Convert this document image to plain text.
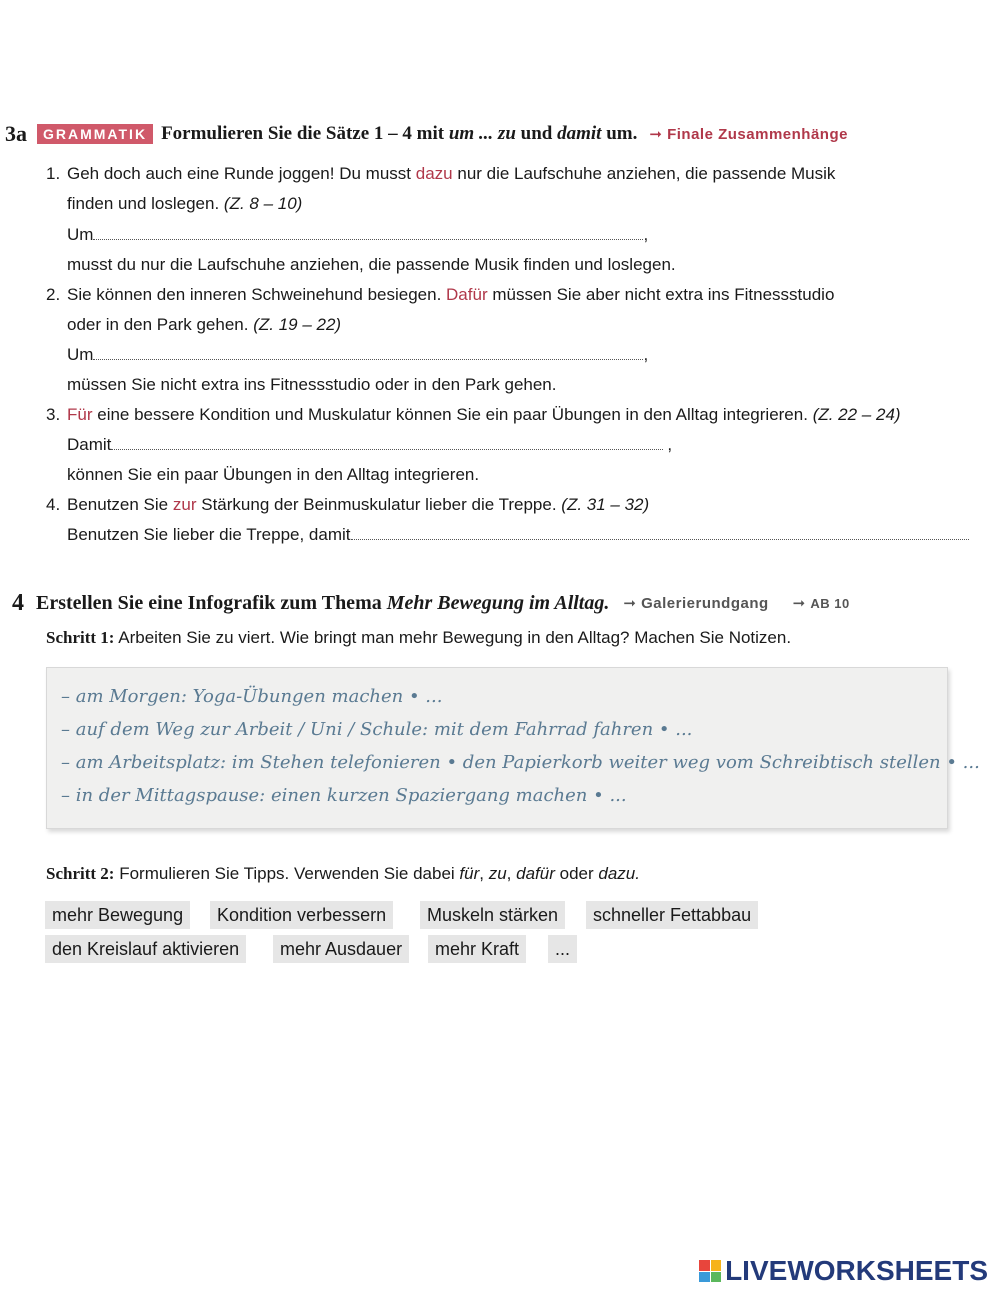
3a	GRAMMATIK Formulieren Sie die Sätze 1 – 4 mit um ... zu und damit um. ➞ Finale Zusammenhänge
1. Geh doch auch eine Runde joggen! Du musst dazu nur die Laufschuhe anziehen, die passende Musik
finden und loslegen. (Z. 8 – 10)
Um	,
musst du nur die Laufschuhe anziehen, die passende Musik finden und loslegen.
2. Sie können den inneren Schweinehund besiegen. Dafür müssen Sie aber nicht extra ins Fitnessstudio
oder in den Park gehen. (Z. 19 – 22)
Um	,
müssen Sie nicht extra ins Fitnessstudio oder in den Park gehen.
3. Für eine bessere Kondition und Muskulatur können Sie ein paar Übungen in den Alltag integrieren. (Z. 22 – 24)
Damit	,
können Sie ein paar Übungen in den Alltag integrieren.
4. Benutzen Sie zur Stärkung der Beinmuskulatur lieber die Treppe. (Z. 31 – 32)
Benutzen Sie lieber die Treppe, damit
4 Erstellen Sie eine Infografik zum Thema Mehr Bewegung im Alltag. ➞ Galerierundgang ➞ AB 10
Schritt 1: Arbeiten Sie zu viert. Wie bringt man mehr Bewegung in den Alltag? Machen Sie Notizen.
– am Morgen: Yoga-Übungen machen • ...
– auf dem Weg zur Arbeit / Uni / Schule: mit dem Fahrrad fahren • ...
– am Arbeitsplatz: im Stehen telefonieren • den Papierkorb weiter weg vom Schreibtisch stellen • ...
– in der Mittagspause: einen kurzen Spaziergang machen • ...
Schritt 2: Formulieren Sie Tipps. Verwenden Sie dabei für, zu, dafür oder dazu.
mehr Bewegung	Kondition verbessern	Muskeln stärken	schneller Fettabbau
den Kreislauf aktivieren	mehr Ausdauer	mehr Kraft	...
LIVEWORKSHEETS
